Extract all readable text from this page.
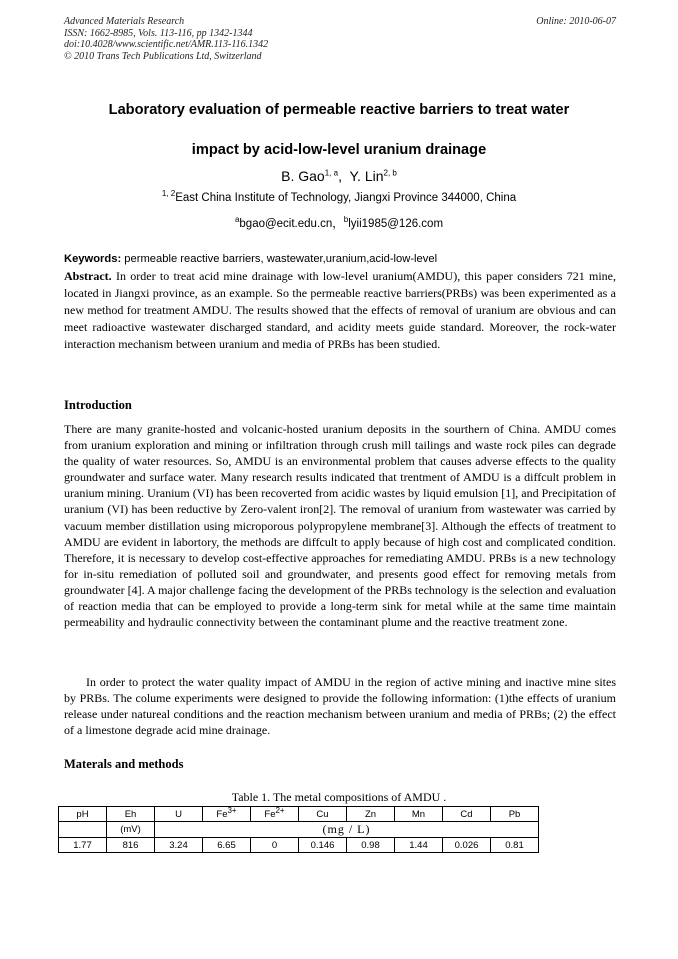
Advanced Materials Research
ISSN: 1662-8985, Vols. 113-116, pp 1342-1344
doi:10.4028/www.scientific.net/AMR.113-116.1342
© 2010 Trans Tech Publications Ltd, Switzerland
Online: 2010-06-07
Laboratory evaluation of permeable reactive barriers to treat water
impact by acid-low-level uranium drainage
B. Gao$^{1, a}$,  Y. Lin$^{2, b}$
$^{1, 2}$East China Institute of Technology, Jiangxi Province 344000, China
$^a$bgao@ecit.edu.cn，$^b$lyii1985@126.com
Keywords: permeable reactive barriers, wastewater,uranium,acid-low-level

Abstract. In order to treat acid mine drainage with low-level uranium(AMDU), this paper considers 721 mine, located in Jiangxi province, as an example. So the permeable reactive barriers(PRBs) was been experimented as a new method for treatment AMDU. The results showed that the effects of removal of uranium are obvious and can meet radioactive wastewater discharged standard, and acidity meets guide standard. Moreover, the rock-water interaction mechanism between uranium and media of PRBs has been studied.

Introduction

There are many granite-hosted and volcanic-hosted uranium deposits in the sourthern of China. AMDU comes from uranium exploration and mining or infiltration through crush mill tailings and waste rock piles can degrade the quality of water resources. So, AMDU is an environmental problem that causes adverse effects to the quality groundwater and surface water. Many research results indicated that trentment of AMDU is a diffcult problem in uranium mining. Uranium (VI) has been recoverted from acidic wastes by liquid emulsion [1], and Precipitation of uranium (VI) has been reductive by Zero-valent iron[2]. The removal of uranium from wastewater was carried by vacuum member distillation using microporous polypropylene membrane[3]. Although the effects of treatment to AMDU are evident in labortory, the methods are diffcult to apply because of high cost and complicated condition. Therefore, it is necessary to develop cost-effective approaches for remediating AMDU. PRBs is a new technology for in-situ remediation of polluted soil and groundwater, and presents good effect for removing metals from groundwater [4]. A major challenge facing the development of the PRBs technology is the selection and evaluation of reaction media that can be employed to provide a long-term sink for metal while at the same time maintain permeability and hydraulic connectivity between the contaminant plume and the reactive treatment zone.

In order to protect the water quality impact of AMDU in the region of active mining and inactive mine sites by PRBs. The colume experiments were designed to provide the following information: (1)the effects of uranium release under natureal conditions and the reaction mechanism between uranium and media of PRBs; (2) the effect of a limestone degrade acid mine drainage.

Materals and methods
Table 1. The metal compositions of AMDU .
pH	Eh	U	$Fe^{3+}$	$Fe^{2+}$	Cu	Zn	Mn	Cd	Pb
	(mV)	(mg / L)							
1.77	816	3.24	6.65	0	0.146	0.98	1.44	0.026	0.81
